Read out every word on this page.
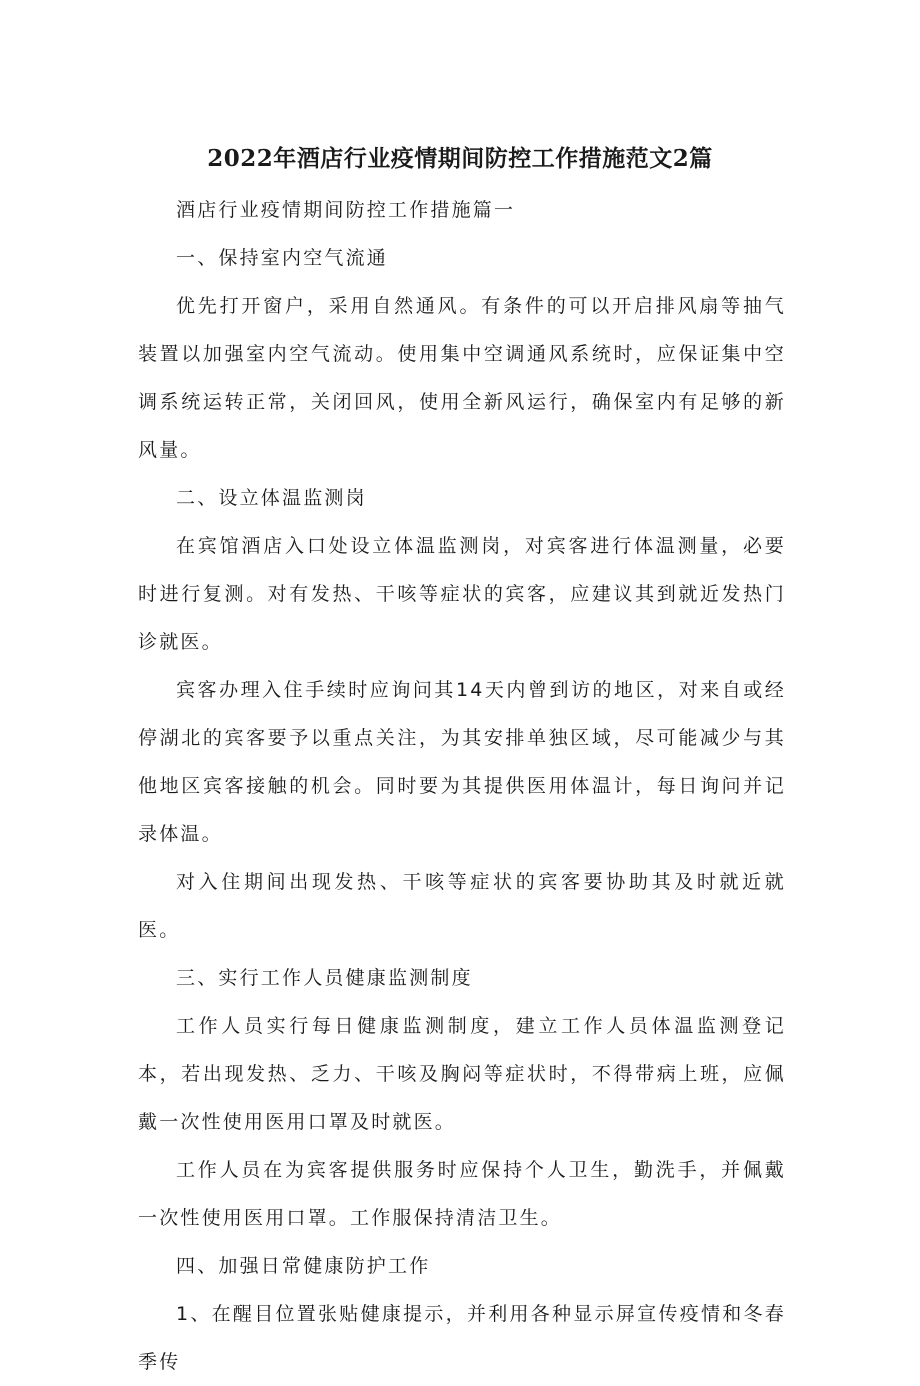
2022年酒店行业疫情期间防控工作措施范文2篇

酒店行业疫情期间防控工作措施篇一

一、保持室内空气流通

优先打开窗户，采用自然通风。有条件的可以开启排风扇等抽气装置以加强室内空气流动。使用集中空调通风系统时，应保证集中空调系统运转正常，关闭回风，使用全新风运行，确保室内有足够的新风量。

二、设立体温监测岗

在宾馆酒店入口处设立体温监测岗，对宾客进行体温测量，必要时进行复测。对有发热、干咳等症状的宾客，应建议其到就近发热门诊就医。

宾客办理入住手续时应询问其14天内曾到访的地区，对来自或经停湖北的宾客要予以重点关注，为其安排单独区域，尽可能减少与其他地区宾客接触的机会。同时要为其提供医用体温计，每日询问并记录体温。

对入住期间出现发热、干咳等症状的宾客要协助其及时就近就医。

三、实行工作人员健康监测制度

工作人员实行每日健康监测制度，建立工作人员体温监测登记本，若出现发热、乏力、干咳及胸闷等症状时，不得带病上班，应佩戴一次性使用医用口罩及时就医。

工作人员在为宾客提供服务时应保持个人卫生，勤洗手，并佩戴一次性使用医用口罩。工作服保持清洁卫生。

四、加强日常健康防护工作

1、在醒目位置张贴健康提示，并利用各种显示屏宣传疫情和冬春季传
